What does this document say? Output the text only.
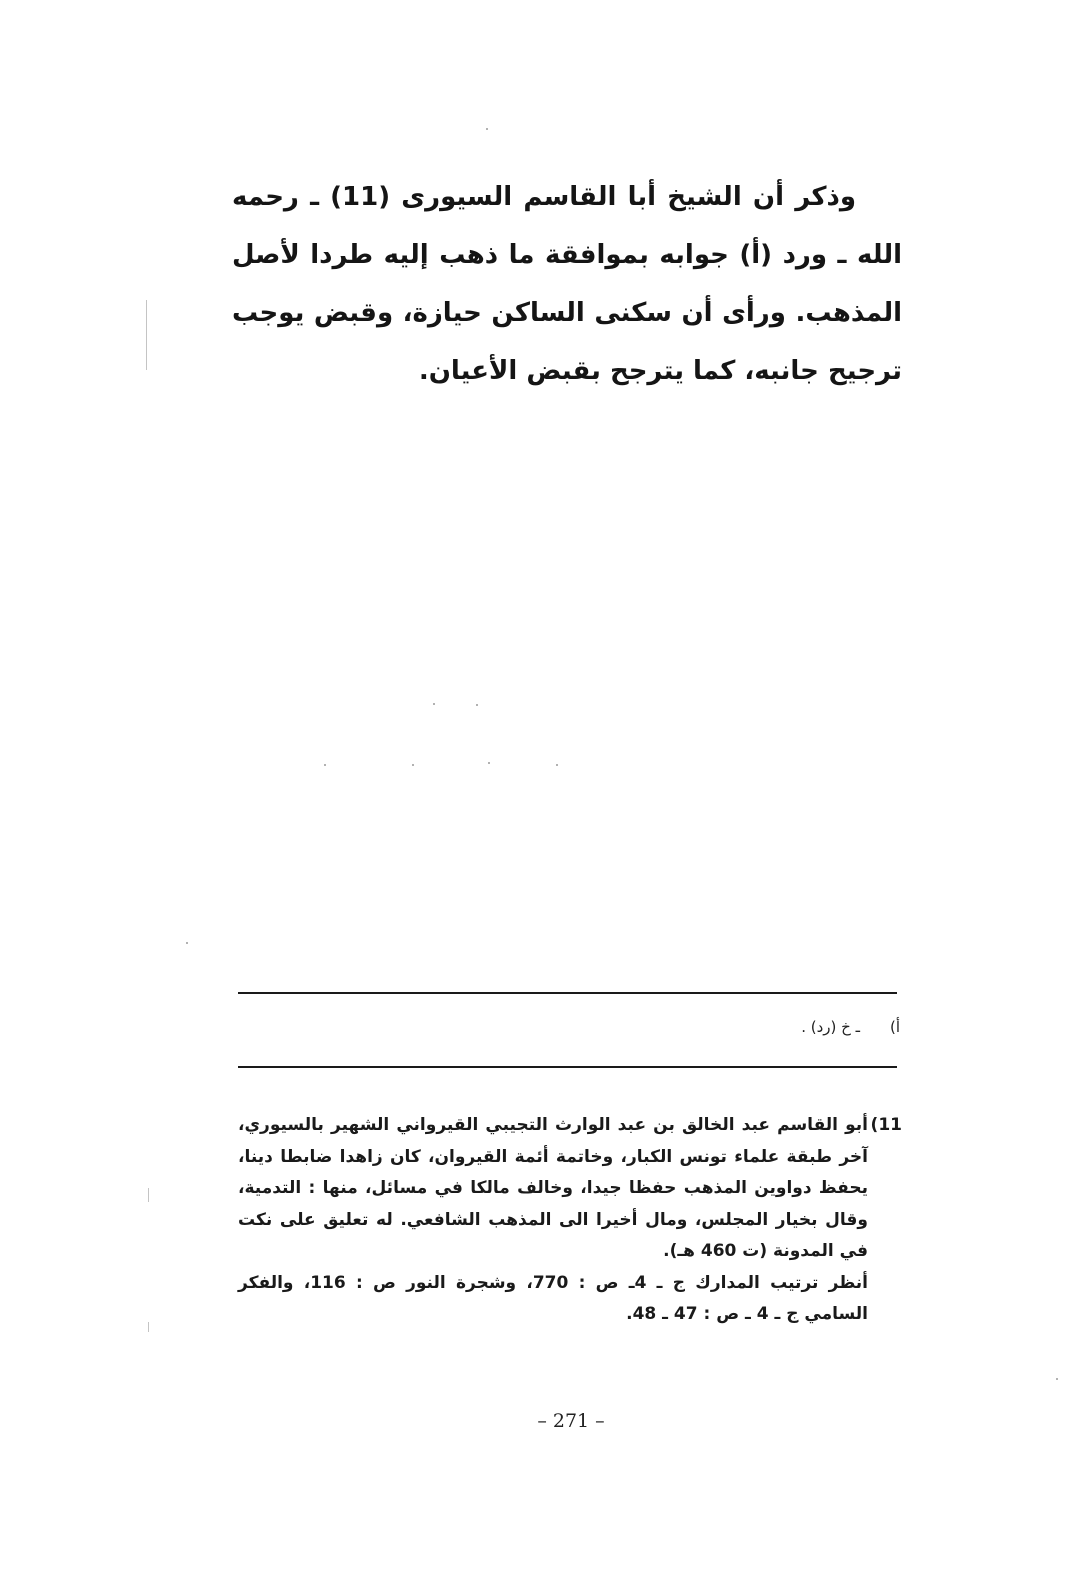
وذكر أن الشيخ أبا القاسم السيورى (11) ـ رحمه الله ـ ورد (أ) جوابه بموافقة ما ذهب إليه طردا لأصل المذهب. ورأى أن سكنى الساكن حيازة، وقبض يوجب ترجيح جانبه، كما يترجح بقبض الأعيان.

أ)ـ خ (رد) .
11)

أبو القاسم عبد الخالق بن عبد الوارث التجيبي القيرواني الشهير بالسيوري، آخر طبقة علماء تونس الكبار، وخاتمة أئمة القيروان، كان زاهدا ضابطا دينا، يحفظ دواوين المذهب حفظا جيدا، وخالف مالكا في مسائل، منها : التدمية، وقال بخيار المجلس، ومال أخيرا الى المذهب الشافعي. له تعليق على نكت في المدونة (ت 460 هـ).

أنظر ترتيب المدارك ج ـ 4ـ ص : 770، وشجرة النور ص : 116، والفكر السامي ج ـ 4 ـ ص : 47 ـ 48.

– 271 –
